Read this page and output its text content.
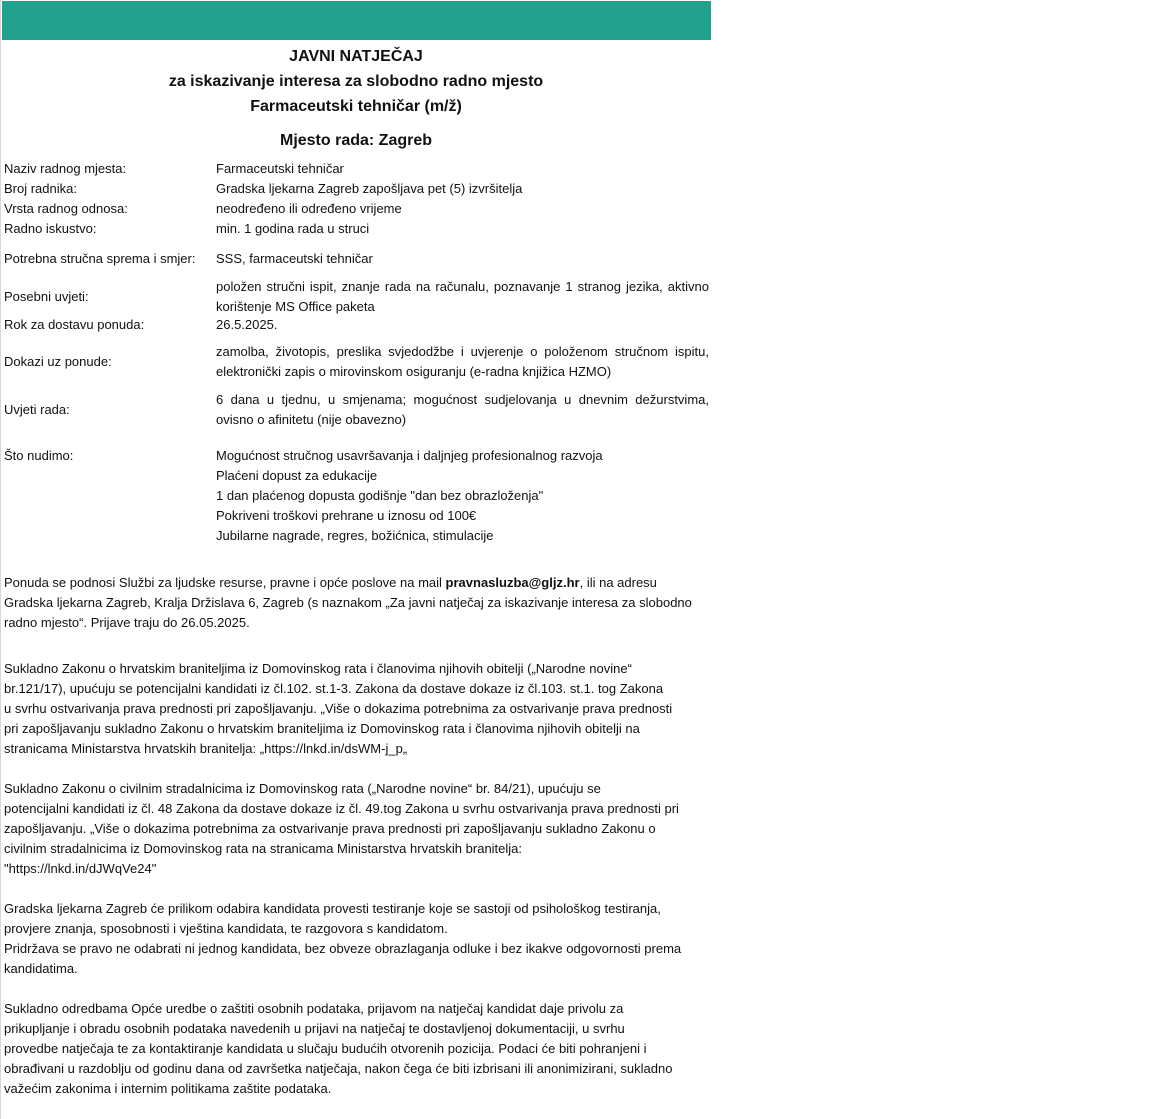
JAVNI NATJEČAJ
za iskazivanje interesa za slobodno radno mjesto
Farmaceutski tehničar (m/ž)
Mjesto rada: Zagreb
Naziv radnog mjesta:	Farmaceutski tehničar
Broj radnika:	Gradska ljekarna Zagreb zapošljava pet (5) izvršitelja
Vrsta radnog odnosa:	neodređeno ili određeno vrijeme
Radno iskustvo:	min. 1 godina rada u struci
Potrebna stručna sprema i smjer: SSS, farmaceutski tehničar
Posebni uvjeti:
položen stručni ispit, znanje rada na računalu, poznavanje 1 stranog jezika, aktivno korištenje MS Office paketa
Rok za dostavu ponuda:	26.5.2025.
Dokazi uz ponude:
zamolba, životopis, preslika svjedodžbe i uvjerenje o položenom stručnom ispitu, elektronički zapis o mirovinskom osiguranju (e-radna knjižica HZMO)
Uvjeti rada:
6 dana u tjednu, u smjenama; mogućnost sudjelovanja u dnevnim dežurstvima, ovisno o afinitetu (nije obavezno)
Što nudimo:	Mogućnost stručnog usavršavanja i daljnjeg profesionalnog razvoja
Plaćeni dopust za edukacije
1 dan plaćenog dopusta godišnje "dan bez obrazloženja"
Pokriveni troškovi prehrane u iznosu od 100€
Jubilarne nagrade, regres, božićnica, stimulacije
Ponuda se podnosi Službi za ljudske resurse, pravne i opće poslove na mail pravnasluzba@gljz.hr, ili na adresu
Gradska ljekarna Zagreb, Kralja Držislava 6, Zagreb (s naznakom „Za javni natječaj za iskazivanje interesa za slobodno
radno mjesto“. Prijave traju do 26.05.2025.
Sukladno Zakonu o hrvatskim braniteljima iz Domovinskog rata i članovima njihovih obitelji („Narodne novine“
br.121/17), upućuju se potencijalni kandidati iz čl.102. st.1-3. Zakona da dostave dokaze iz čl.103. st.1. tog Zakona
u svrhu ostvarivanja prava prednosti pri zapošljavanju. „Više o dokazima potrebnima za ostvarivanje prava prednosti
pri zapošljavanju sukladno Zakonu o hrvatskim braniteljima iz Domovinskog rata i članovima njihovih obitelji na
stranicama Ministarstva hrvatskih branitelja: „https://lnkd.in/dsWM-j_p„
Sukladno Zakonu o civilnim stradalnicima iz Domovinskog rata („Narodne novine“ br. 84/21), upućuju se
potencijalni kandidati iz čl. 48 Zakona da dostave dokaze iz čl. 49.tog Zakona u svrhu ostvarivanja prava prednosti pri
zapošljavanju. „Više o dokazima potrebnima za ostvarivanje prava prednosti pri zapošljavanju sukladno Zakonu o
civilnim stradalnicima iz Domovinskog rata na stranicama Ministarstva hrvatskih branitelja:
"https://lnkd.in/dJWqVe24"
Gradska ljekarna Zagreb će prilikom odabira kandidata provesti testiranje koje se sastoji od psihološkog testiranja,
provjere znanja, sposobnosti i vještina kandidata, te razgovora s kandidatom.
Pridržava se pravo ne odabrati ni jednog kandidata, bez obveze obrazlaganja odluke i bez ikakve odgovornosti prema
kandidatima.
Sukladno odredbama Opće uredbe o zaštiti osobnih podataka, prijavom na natječaj kandidat daje privolu za
prikupljanje i obradu osobnih podataka navedenih u prijavi na natječaj te dostavljenoj dokumentaciji, u svrhu
provedbe natječaja te za kontaktiranje kandidata u slučaju budućih otvorenih pozicija. Podaci će biti pohranjeni i
obrađivani u razdoblju od godinu dana od završetka natječaja, nakon čega će biti izbrisani ili anonimizirani, sukladno
važećim zakonima i internim politikama zaštite podataka.
